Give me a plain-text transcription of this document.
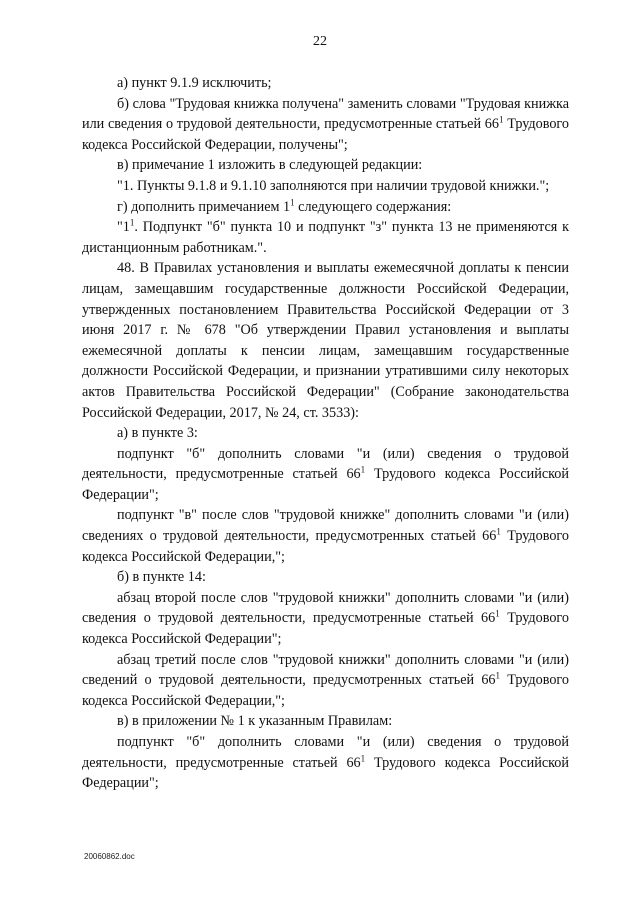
22

а) пункт 9.1.9 исключить;

б) слова "Трудовая книжка получена" заменить словами "Трудовая книжка или сведения о трудовой деятельности, предусмотренные статьей $66^1$ Трудового кодекса Российской Федерации, получены";

в) примечание 1 изложить в следующей редакции:

"1. Пункты 9.1.8 и 9.1.10 заполняются при наличии трудовой книжки.";

г) дополнить примечанием $1^1$ следующего содержания:

"$1^1$. Подпункт "б" пункта 10 и подпункт "з" пункта 13 не применяются к дистанционным работникам.".

48. В Правилах установления и выплаты ежемесячной доплаты к пенсии лицам, замещавшим государственные должности Российской Федерации, утвержденных постановлением Правительства Российской Федерации от 3 июня 2017 г. № 678 "Об утверждении Правил установления и выплаты ежемесячной доплаты к пенсии лицам, замещавшим государственные должности Российской Федерации, и признании утратившими силу некоторых актов Правительства Российской Федерации" (Собрание законодательства Российской Федерации, 2017, № 24, ст. 3533):

а) в пункте 3:

подпункт "б" дополнить словами "и (или) сведения о трудовой деятельности, предусмотренные статьей $66^1$ Трудового кодекса Российской Федерации";

подпункт "в" после слов "трудовой книжке" дополнить словами "и (или) сведениях о трудовой деятельности, предусмотренных статьей $66^1$ Трудового кодекса Российской Федерации,";

б) в пункте 14:

абзац второй после слов "трудовой книжки" дополнить словами "и (или) сведения о трудовой деятельности, предусмотренные статьей $66^1$ Трудового кодекса Российской Федерации";

абзац третий после слов "трудовой книжки" дополнить словами "и (или) сведений о трудовой деятельности, предусмотренных статьей $66^1$ Трудового кодекса Российской Федерации,";

в) в приложении № 1 к указанным Правилам:

подпункт "б" дополнить словами "и (или) сведения о трудовой деятельности, предусмотренные статьей $66^1$ Трудового кодекса Российской Федерации";

20060862.doc
